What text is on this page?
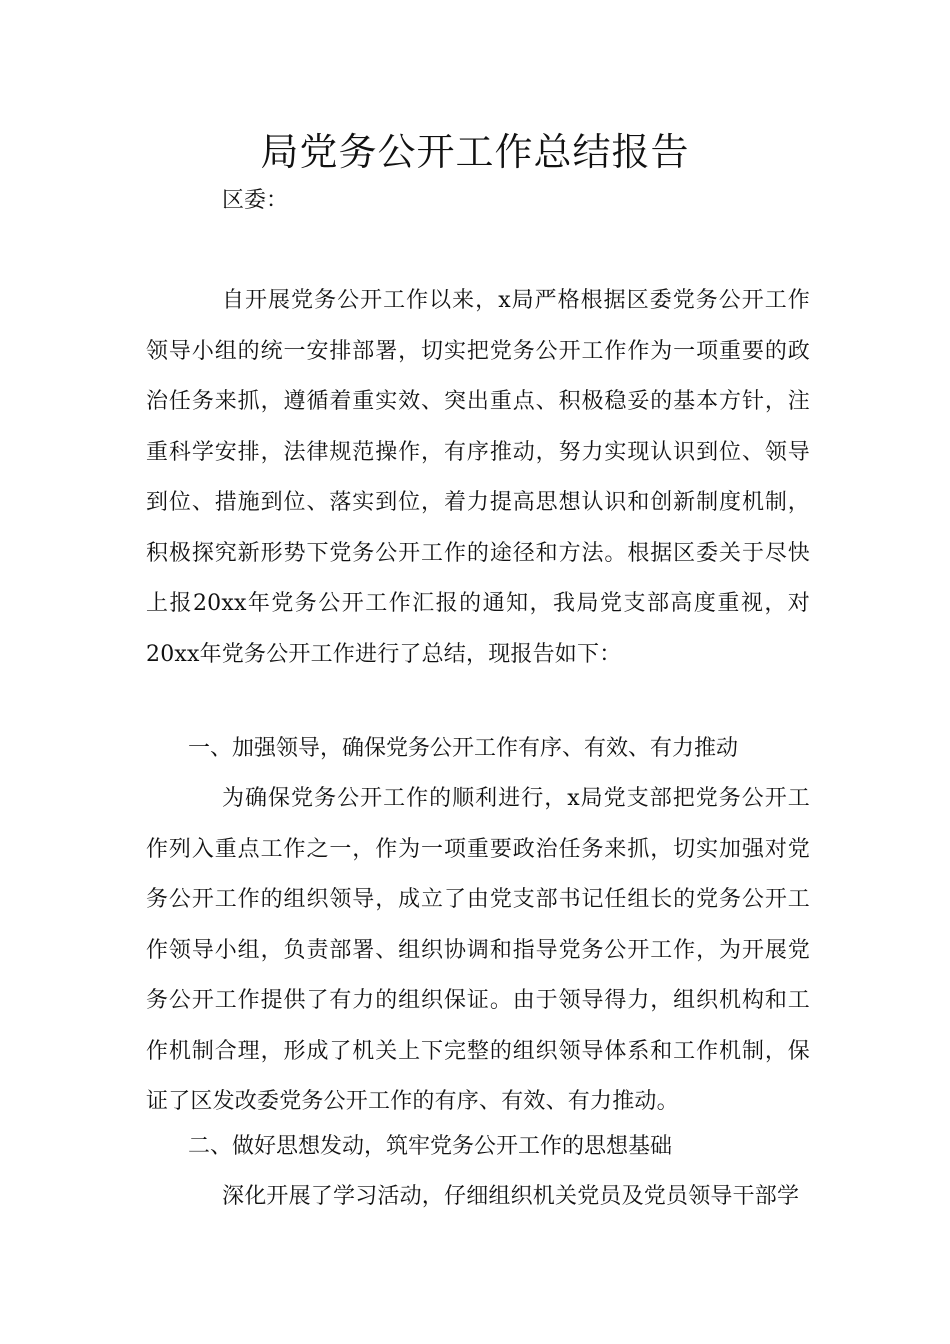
局党务公开工作总结报告
区委：
自开展党务公开工作以来，x局严格根据区委党务公开工作领导小组的统一安排部署，切实把党务公开工作作为一项重要的政治任务来抓，遵循着重实效、突出重点、积极稳妥的基本方针，注重科学安排，法律规范操作，有序推动，努力实现认识到位、领导到位、措施到位、落实到位，着力提高思想认识和创新制度机制，积极探究新形势下党务公开工作的途径和方法。根据区委关于尽快上报20xx年党务公开工作汇报的通知，我局党支部高度重视，对20xx年党务公开工作进行了总结，现报告如下：
一、加强领导，确保党务公开工作有序、有效、有力推动
为确保党务公开工作的顺利进行，x局党支部把党务公开工作列入重点工作之一，作为一项重要政治任务来抓，切实加强对党务公开工作的组织领导，成立了由党支部书记任组长的党务公开工作领导小组，负责部署、组织协调和指导党务公开工作，为开展党务公开工作提供了有力的组织保证。由于领导得力，组织机构和工作机制合理，形成了机关上下完整的组织领导体系和工作机制，保证了区发改委党务公开工作的有序、有效、有力推动。
二、做好思想发动，筑牢党务公开工作的思想基础
深化开展了学习活动，仔细组织机关党员及党员领导干部学
